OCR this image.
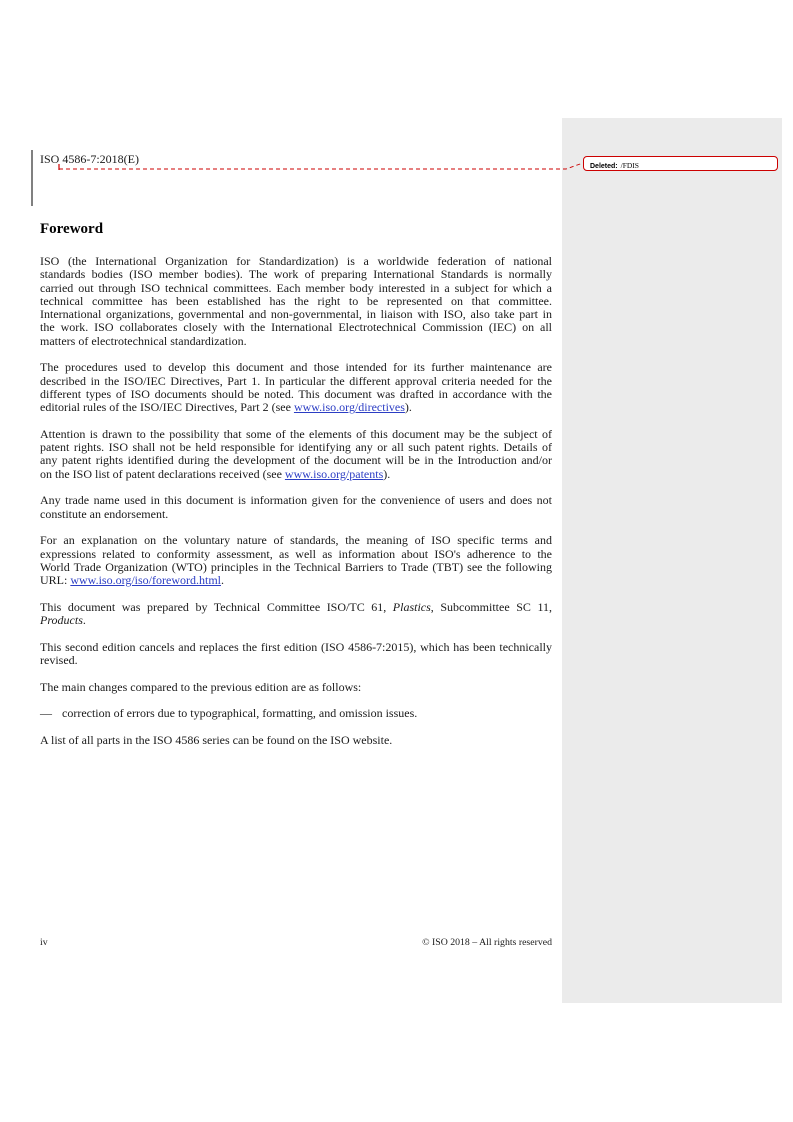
ISO 4586-7:2018(E)
Deleted: /FDIS
Foreword
ISO (the International Organization for Standardization) is a worldwide federation of national
standards bodies (ISO member bodies). The work of preparing International Standards is normally
carried out through ISO technical committees. Each member body interested in a subject for which a
technical committee has been established has the right to be represented on that committee.
International organizations, governmental and non-governmental, in liaison with ISO, also take part in
the work. ISO collaborates closely with the International Electrotechnical Commission (IEC) on all
matters of electrotechnical standardization.
The procedures used to develop this document and those intended for its further maintenance are
described in the ISO/IEC Directives, Part 1. In particular the different approval criteria needed for the
different types of ISO documents should be noted. This document was drafted in accordance with the
editorial rules of the ISO/IEC Directives, Part 2 (see www.iso.org/directives).
Attention is drawn to the possibility that some of the elements of this document may be the subject of
patent rights. ISO shall not be held responsible for identifying any or all such patent rights. Details of
any patent rights identified during the development of the document will be in the Introduction and/or
on the ISO list of patent declarations received (see www.iso.org/patents).
Any trade name used in this document is information given for the convenience of users and does not
constitute an endorsement.
For an explanation on the voluntary nature of standards, the meaning of ISO specific terms and
expressions related to conformity assessment, as well as information about ISO's adherence to the
World Trade Organization (WTO) principles in the Technical Barriers to Trade (TBT) see the following
URL: www.iso.org/iso/foreword.html.
This document was prepared by Technical Committee ISO/TC 61, Plastics, Subcommittee SC 11,
Products.
This second edition cancels and replaces the first edition (ISO 4586-7:2015), which has been technically
revised.
The main changes compared to the previous edition are as follows:
— correction of errors due to typographical, formatting, and omission issues.
A list of all parts in the ISO 4586 series can be found on the ISO website.
iv	© ISO 2018 – All rights reserved
